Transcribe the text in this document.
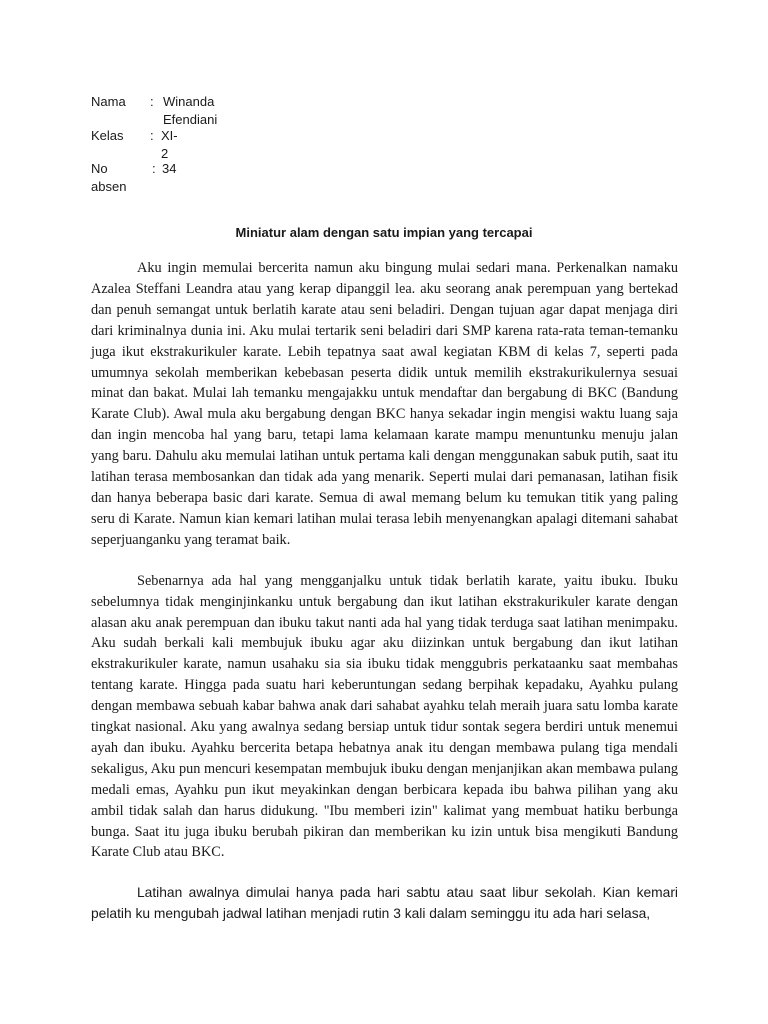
Nama : Winanda Efendiani
Kelas : XI-2
No absen
: 34
Miniatur alam dengan satu impian yang tercapai

Aku ingin memulai bercerita namun aku bingung mulai sedari mana. Perkenalkan namaku Azalea Steffani Leandra atau yang kerap dipanggil lea. aku seorang anak perempuan yang bertekad dan penuh semangat untuk berlatih karate atau seni beladiri. Dengan tujuan agar dapat menjaga diri dari kriminalnya dunia ini. Aku mulai tertarik seni beladiri dari SMP karena rata-rata teman-temanku juga ikut ekstrakurikuler karate. Lebih tepatnya saat awal kegiatan KBM di kelas 7, seperti pada umumnya sekolah memberikan kebebasan peserta didik untuk memilih ekstrakurikulernya sesuai minat dan bakat. Mulai lah temanku mengajakku untuk mendaftar dan bergabung di BKC (Bandung Karate Club). Awal mula aku bergabung dengan BKC hanya sekadar ingin mengisi waktu luang saja dan ingin mencoba hal yang baru, tetapi lama kelamaan karate mampu menuntunku menuju jalan yang baru. Dahulu aku memulai latihan untuk pertama kali dengan menggunakan sabuk putih, saat itu latihan terasa membosankan dan tidak ada yang menarik. Seperti mulai dari pemanasan, latihan fisik dan hanya beberapa basic dari karate. Semua di awal memang belum ku temukan titik yang paling seru di Karate. Namun kian kemari latihan mulai terasa lebih menyenangkan apalagi ditemani sahabat seperjuanganku yang teramat baik.

Sebenarnya ada hal yang mengganjalku untuk tidak berlatih karate, yaitu ibuku. Ibuku sebelumnya tidak menginjinkanku untuk bergabung dan ikut latihan ekstrakurikuler karate dengan alasan aku anak perempuan dan ibuku takut nanti ada hal yang tidak terduga saat latihan menimpaku. Aku sudah berkali kali membujuk ibuku agar aku diizinkan untuk bergabung dan ikut latihan ekstrakurikuler karate, namun usahaku sia sia ibuku tidak menggubris perkataanku saat membahas tentang karate. Hingga pada suatu hari keberuntungan sedang berpihak kepadaku, Ayahku pulang dengan membawa sebuah kabar bahwa anak dari sahabat ayahku telah meraih juara satu lomba karate tingkat nasional. Aku yang awalnya sedang bersiap untuk tidur sontak segera berdiri untuk menemui ayah dan ibuku. Ayahku bercerita betapa hebatnya anak itu dengan membawa pulang tiga mendali sekaligus, Aku pun mencuri kesempatan membujuk ibuku dengan menjanjikan akan membawa pulang medali emas, Ayahku pun ikut meyakinkan dengan berbicara kepada ibu bahwa pilihan yang aku ambil tidak salah dan harus didukung. "Ibu memberi izin" kalimat yang membuat hatiku berbunga bunga. Saat itu juga ibuku berubah pikiran dan memberikan ku izin untuk bisa mengikuti Bandung Karate Club atau BKC.

Latihan awalnya dimulai hanya pada hari sabtu atau saat libur sekolah. Kian kemari pelatih ku mengubah jadwal latihan menjadi rutin 3 kali dalam seminggu itu ada hari selasa,
